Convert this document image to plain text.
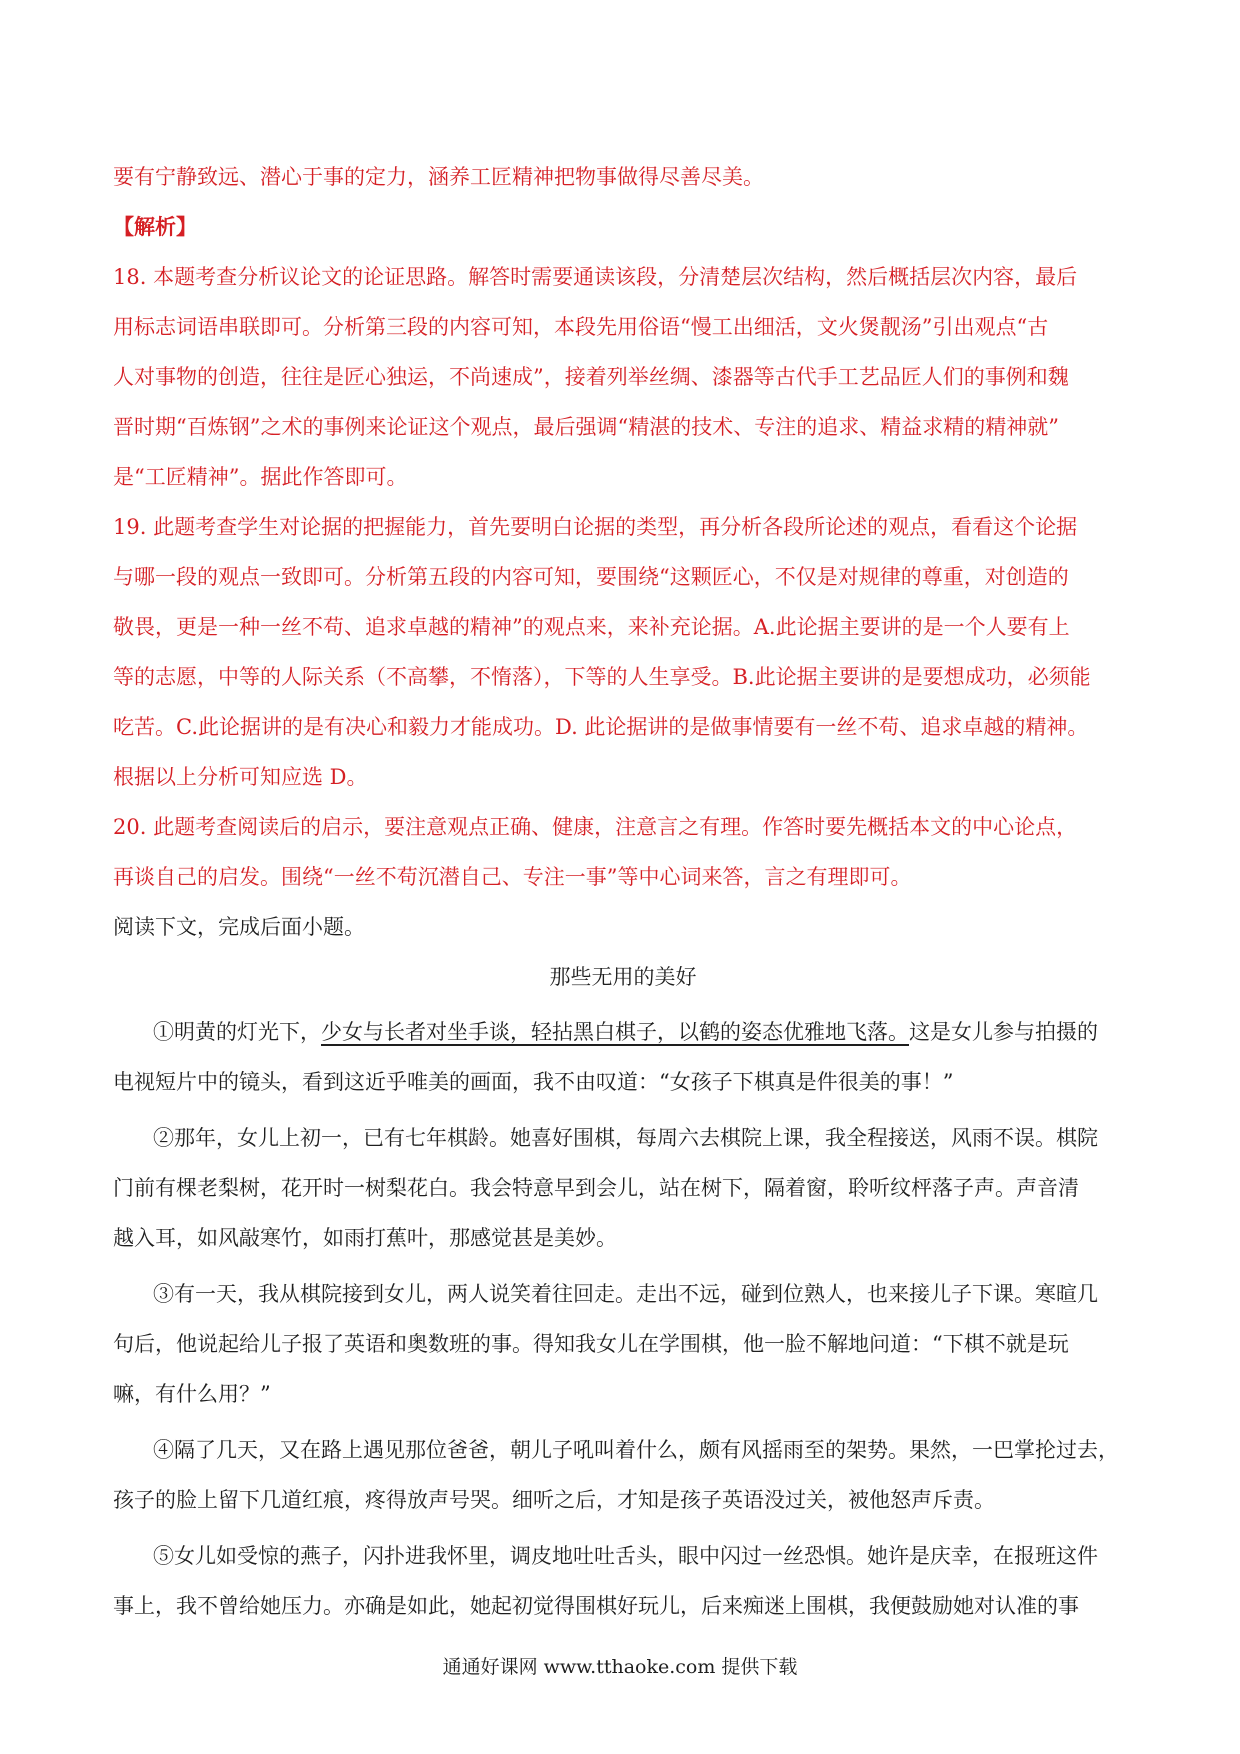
要有宁静致远、潜心于事的定力，涵养工匠精神把物事做得尽善尽美。

【解析】

18. 本题考查分析议论文的论证思路。解答时需要通读该段，分清楚层次结构，然后概括层次内容，最后

用标志词语串联即可。分析第三段的内容可知，本段先用俗语“慢工出细活，文火煲靓汤”引出观点“古

人对事物的创造，往往是匠心独运，不尚速成”，接着列举丝绸、漆器等古代手工艺品匠人们的事例和魏

晋时期“百炼钢”之术的事例来论证这个观点，最后强调“精湛的技术、专注的追求、精益求精的精神就”

是“工匠精神”。据此作答即可。

19. 此题考查学生对论据的把握能力，首先要明白论据的类型，再分析各段所论述的观点，看看这个论据

与哪一段的观点一致即可。分析第五段的内容可知，要围绕“这颗匠心，不仅是对规律的尊重，对创造的

敬畏，更是一种一丝不苟、追求卓越的精神”的观点来，来补充论据。A.此论据主要讲的是一个人要有上

等的志愿，中等的人际关系（不高攀，不惰落），下等的人生享受。B.此论据主要讲的是要想成功，必须能

吃苦。C.此论据讲的是有决心和毅力才能成功。D. 此论据讲的是做事情要有一丝不苟、追求卓越的精神。

根据以上分析可知应选 D。

20. 此题考查阅读后的启示，要注意观点正确、健康，注意言之有理。作答时要先概括本文的中心论点，

再谈自己的启发。围绕“一丝不苟沉潜自己、专注一事”等中心词来答，言之有理即可。

阅读下文，完成后面小题。

那些无用的美好

①明黄的灯光下，少女与长者对坐手谈，轻拈黑白棋子，以鹤的姿态优雅地飞落。这是女儿参与拍摄的

电视短片中的镜头，看到这近乎唯美的画面，我不由叹道：“女孩子下棋真是件很美的事！”

②那年，女儿上初一，已有七年棋龄。她喜好围棋，每周六去棋院上课，我全程接送，风雨不误。棋院

门前有棵老梨树，花开时一树梨花白。我会特意早到会儿，站在树下，隔着窗，聆听纹枰落子声。声音清

越入耳，如风敲寒竹，如雨打蕉叶，那感觉甚是美妙。

③有一天，我从棋院接到女儿，两人说笑着往回走。走出不远，碰到位熟人，也来接儿子下课。寒暄几

句后，他说起给儿子报了英语和奥数班的事。得知我女儿在学围棋，他一脸不解地问道：“下棋不就是玩

嘛，有什么用？”

④隔了几天，又在路上遇见那位爸爸，朝儿子吼叫着什么，颇有风摇雨至的架势。果然，一巴掌抡过去，

孩子的脸上留下几道红痕，疼得放声号哭。细听之后，才知是孩子英语没过关，被他怒声斥责。

⑤女儿如受惊的燕子，闪扑进我怀里，调皮地吐吐舌头，眼中闪过一丝恐惧。她许是庆幸，在报班这件

事上，我不曾给她压力。亦确是如此，她起初觉得围棋好玩儿，后来痴迷上围棋，我便鼓励她对认准的事

通通好课网 www.tthaoke.com 提供下载
